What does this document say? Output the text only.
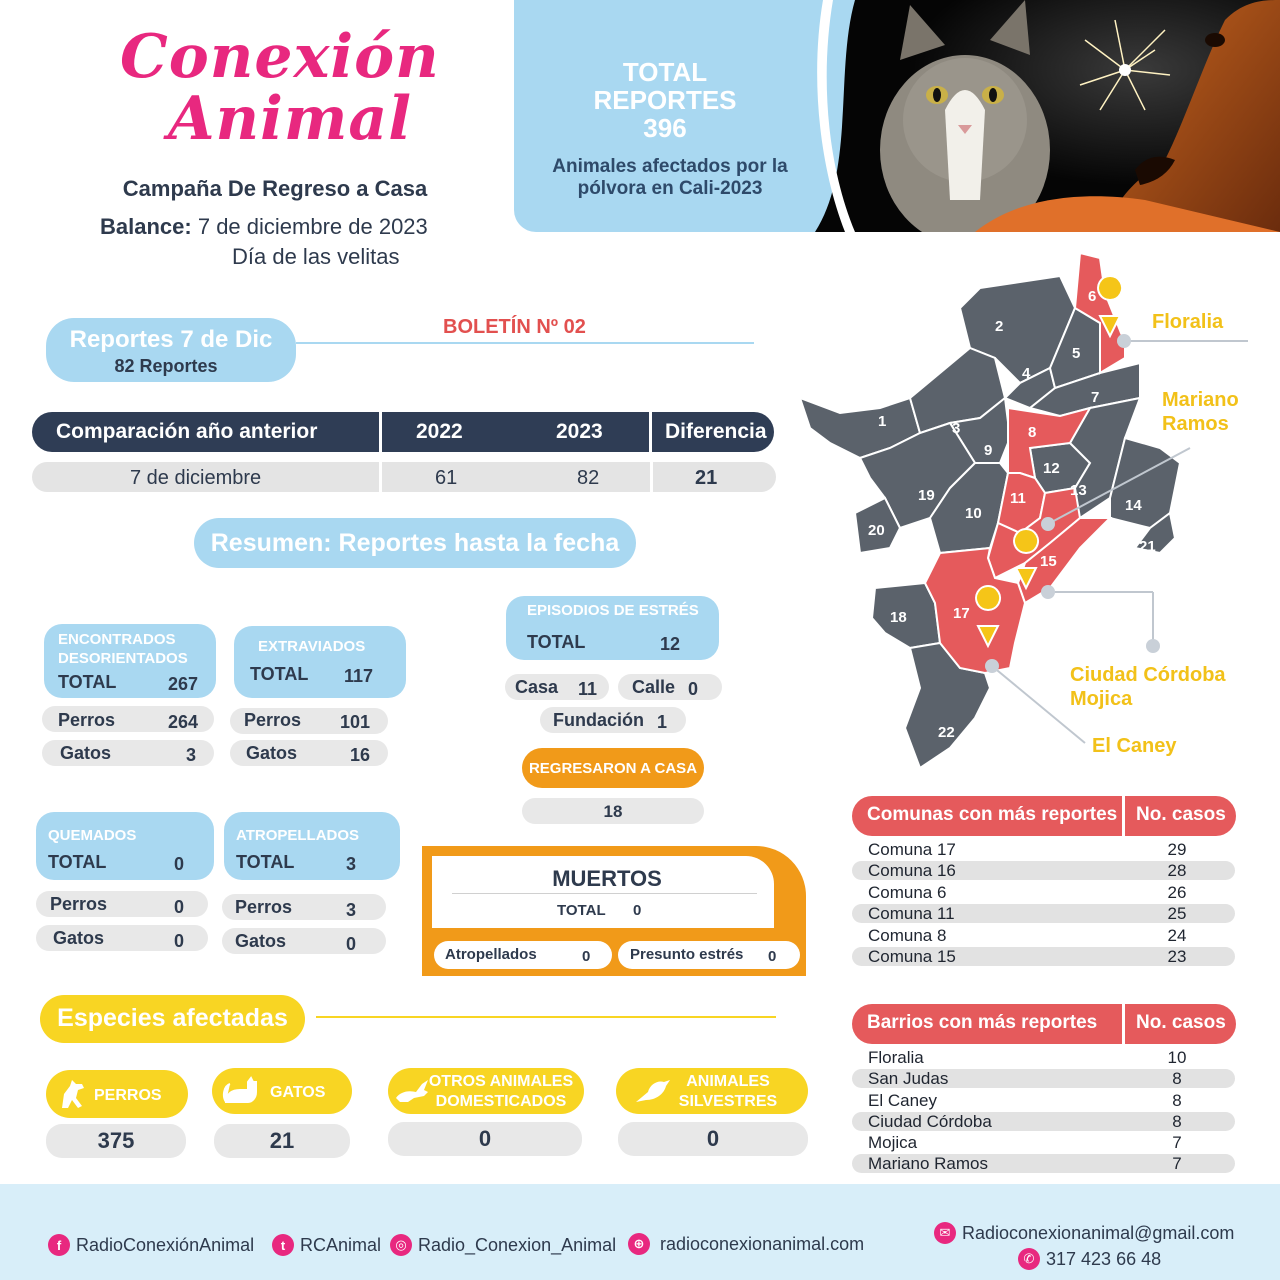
Conexión
Animal
Campaña De Regreso a Casa
Balance: 7 de diciembre de 2023
Día de las velitas
TOTAL
REPORTES
396
Animales afectados por la pólvora en Cali-2023
Reportes 7 de Dic
82 Reportes
BOLETÍN Nº 02
Comparación año anterior	2022	2023	Diferencia
7 de diciembre	61	82	21
Resumen: Reportes hasta la fecha
ENCONTRADOS
DESORIENTADOS
TOTAL	267
Perros	264
Gatos	3
EXTRAVIADOS
TOTAL 117
Perros 101
Gatos	16
EPISODIOS DE ESTRÉS
TOTAL	12
Casa 11 Calle 0
Fundación 1
REGRESARON A CASA
18
QUEMADOS
TOTAL	0
Perros	0
Gatos	0
ATROPELLADOS
TOTAL	3
Perros	3
Gatos	0
MUERTOS
TOTAL 0
Atropellados	0	Presunto estrés 0
Especies afectadas
PERROS
375
GATOS
21
OTROS ANIMALES
DOMESTICADOS
0
ANIMALES
SILVESTRES
0
2
4
5
6
7
1	3	8
9
19
20
10
11
12
13
14
21
15
17
18
22
Floralia
Mariano
Ramos
Ciudad Córdoba
Mojica
El Caney
Comunas con más reportes No. casos
Comuna 17	29
Comuna 16	28
Comuna 6	26
Comuna 11	25
Comuna 8	24
Comuna 15	23
Barrios con más reportes No. casos
Floralia	10
San Judas	8
El Caney	8
Ciudad Córdoba	8
Mojica	7
Mariano Ramos	7
f RadioConexiónAnimal	t RCAnimal	◎ Radio_Conexion_Animal	⊕ radioconexionanimal.com
✉ Radioconexionanimal@gmail.com
✆ 317 423 66 48
